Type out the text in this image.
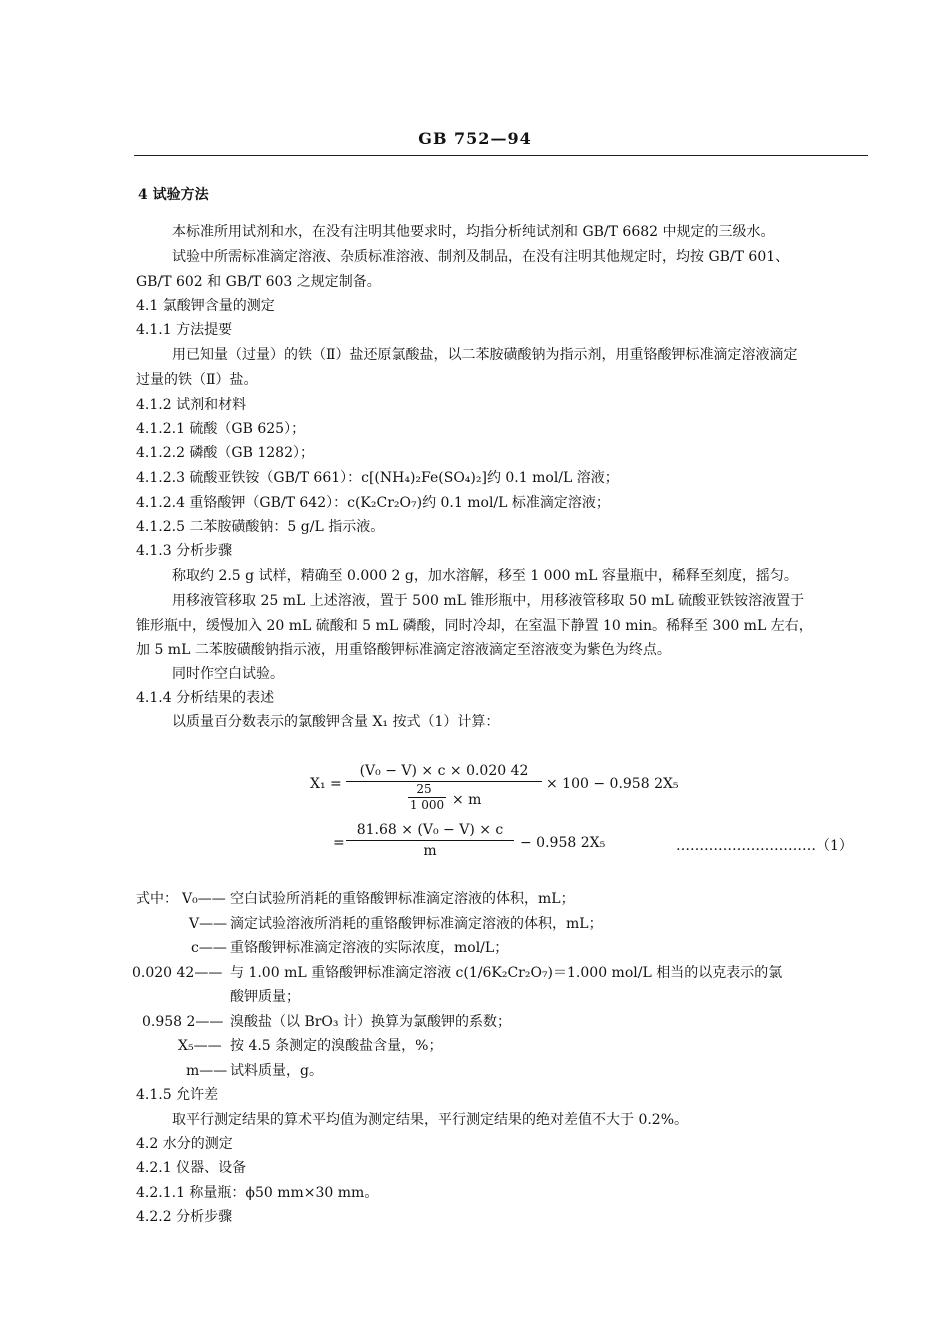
GB 752—94
4 试验方法
本标准所用试剂和水，在没有注明其他要求时，均指分析纯试剂和 GB/T 6682 中规定的三级水。
试验中所需标准滴定溶液、杂质标准溶液、制剂及制品，在没有注明其他规定时，均按 GB/T 601、
GB/T 602 和 GB/T 603 之规定制备。
4.1 氯酸钾含量的测定
4.1.1 方法提要
用已知量（过量）的铁（Ⅱ）盐还原氯酸盐，以二苯胺磺酸钠为指示剂，用重铬酸钾标准滴定溶液滴定
过量的铁（Ⅱ）盐。
4.1.2 试剂和材料
4.1.2.1 硫酸（GB 625）；
4.1.2.2 磷酸（GB 1282）；
4.1.2.3 硫酸亚铁铵（GB/T 661）：c[(NH₄)₂Fe(SO₄)₂]约 0.1 mol/L 溶液；
4.1.2.4 重铬酸钾（GB/T 642）：c(K₂Cr₂O₇)约 0.1 mol/L 标准滴定溶液；
4.1.2.5 二苯胺磺酸钠：5 g/L 指示液。
4.1.3 分析步骤
称取约 2.5 g 试样，精确至 0.000 2 g，加水溶解，移至 1 000 mL 容量瓶中，稀释至刻度，摇匀。
用移液管移取 25 mL 上述溶液，置于 500 mL 锥形瓶中，用移液管移取 50 mL 硫酸亚铁铵溶液置于
锥形瓶中，缓慢加入 20 mL 硫酸和 5 mL 磷酸，同时冷却，在室温下静置 10 min。稀释至 300 mL 左右，
加 5 mL 二苯胺磺酸钠指示液，用重铬酸钾标准滴定溶液滴定至溶液变为紫色为终点。
同时作空白试验。
4.1.4 分析结果的表述
以质量百分数表示的氯酸钾含量 X₁ 按式（1）计算：
X₁ =
(V₀ − V) × c × 0.020 42
25
1 000 × m
× 100 − 0.958 2X₅
=
81.68 × (V₀ − V) × c
m	− 0.958 2X₅	…………………………（1）
式中： V₀—— 空白试验所消耗的重铬酸钾标准滴定溶液的体积，mL；
V—— 滴定试验溶液所消耗的重铬酸钾标准滴定溶液的体积，mL；
c—— 重铬酸钾标准滴定溶液的实际浓度，mol/L；
0.020 42—— 与 1.00 mL 重铬酸钾标准滴定溶液 c(1/6K₂Cr₂O₇)＝1.000 mol/L 相当的以克表示的氯
酸钾质量；
0.958 2—— 溴酸盐（以 BrO₃ 计）换算为氯酸钾的系数；
X₅—— 按 4.5 条测定的溴酸盐含量，%；
m—— 试料质量，g。
4.1.5 允许差
取平行测定结果的算术平均值为测定结果，平行测定结果的绝对差值不大于 0.2%。
4.2 水分的测定
4.2.1 仪器、设备
4.2.1.1 称量瓶：ϕ50 mm×30 mm。
4.2.2 分析步骤
